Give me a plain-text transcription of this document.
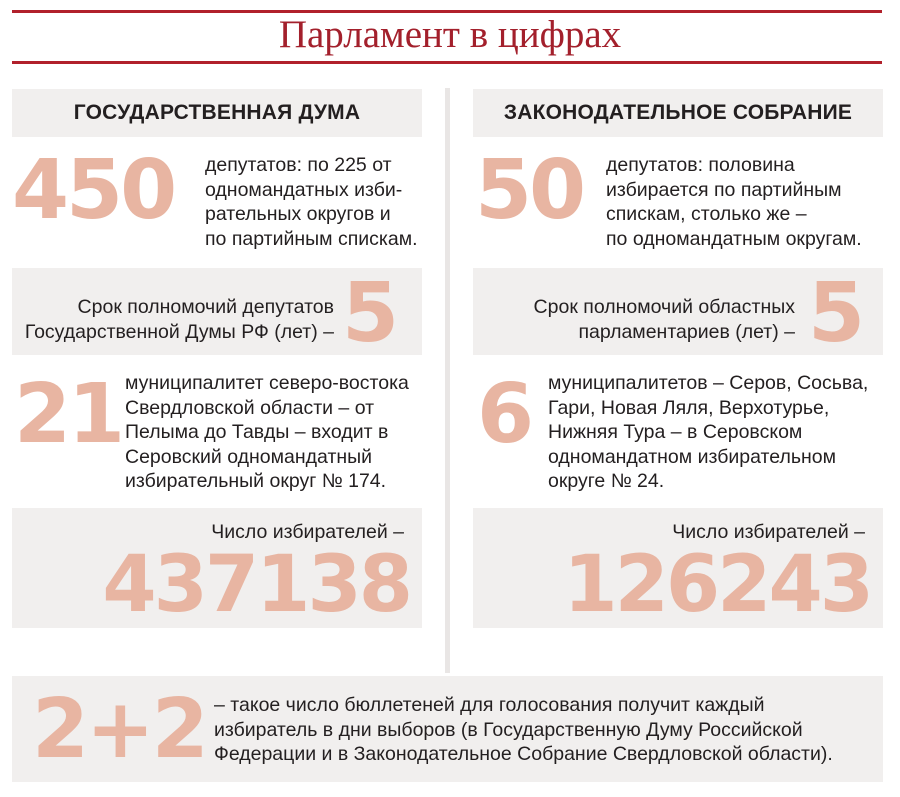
Парламент в цифрах
ГОСУДАРСТВЕННАЯ ДУМА
450 депутатов: по 225 от
одномандатных изби-
рательных округов и
по партийным спискам.
Срок полномочий депутатов
Государственной Думы РФ (лет) – 5
21 муниципалитет северо-востока
Свердловской области – от
Пелыма до Тавды – входит в
Серовский одномандатный
избирательный округ № 174.
Число избирателей –
437138
ЗАКОНОДАТЕЛЬНОЕ СОБРАНИЕ
50 депутатов: половина
избирается по партийным
спискам, столько же –
по одномандатным округам.
Срок полномочий областных
парламентариев (лет) – 5
6 муниципалитетов – Серов, Сосьва,
Гари, Новая Ляля, Верхотурье,
Нижняя Тура – в Серовском
одномандатном избирательном
округе № 24.
Число избирателей –
126243
2+2 – такое число бюллетеней для голосования получит каждый
избиратель в дни выборов (в Государственную Думу Российской
Федерации и в Законодательное Собрание Свердловской области).
